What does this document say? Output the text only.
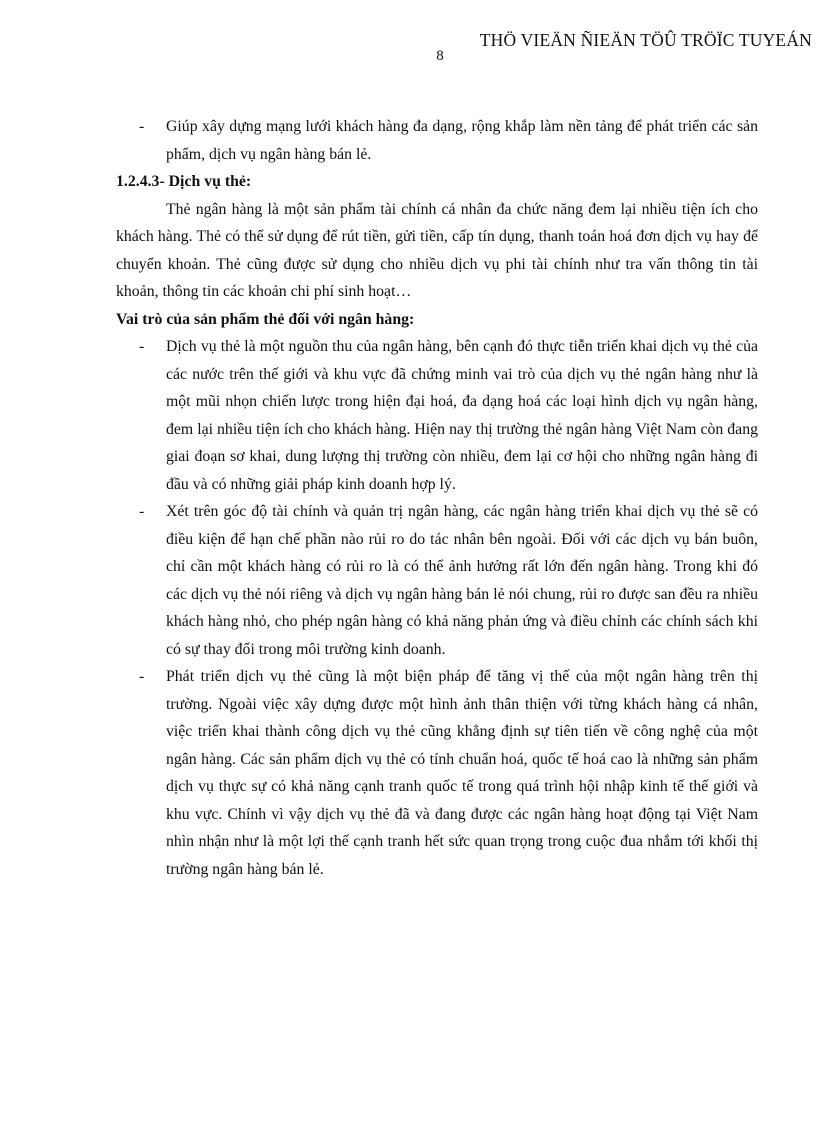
THÖ VIEÄN ÑIEÄN TÖÛ TRÖÏC TUYEÁN
8

- Giúp xây dựng mạng lưới khách hàng đa dạng, rộng khắp làm nền tảng để phát triển các sản phẩm, dịch vụ ngân hàng bán lẻ.

1.2.4.3- Dịch vụ thẻ:

Thẻ ngân hàng là một sản phẩm tài chính cá nhân đa chức năng đem lại nhiều tiện ích cho khách hàng. Thẻ có thể sử dụng để rút tiền, gửi tiền, cấp tín dụng, thanh toán hoá đơn dịch vụ hay để chuyển khoản. Thẻ cũng được sử dụng cho nhiều dịch vụ phi tài chính như tra vấn thông tin tài khoản, thông tin các khoản chi phí sinh hoạt…

Vai trò của sản phẩm thẻ đối với ngân hàng:

- Dịch vụ thẻ là một nguồn thu của ngân hàng, bên cạnh đó thực tiễn triển khai dịch vụ thẻ của các nước trên thế giới và khu vực đã chứng minh vai trò của dịch vụ thẻ ngân hàng như là một mũi nhọn chiến lược trong hiện đại hoá, đa dạng hoá các loại hình dịch vụ ngân hàng, đem lại nhiều tiện ích cho khách hàng. Hiện nay thị trường thẻ ngân hàng Việt Nam còn đang giai đoạn sơ khai, dung lượng thị trường còn nhiều, đem lại cơ hội cho những ngân hàng đi đầu và có những giải pháp kinh doanh hợp lý.

- Xét trên góc độ tài chính và quản trị ngân hàng, các ngân hàng triển khai dịch vụ thẻ sẽ có điều kiện để hạn chế phần nào rủi ro do tác nhân bên ngoài. Đối với các dịch vụ bán buôn, chỉ cần một khách hàng có rủi ro là có thể ảnh hưởng rất lớn đến ngân hàng. Trong khi đó các dịch vụ thẻ nói riêng và dịch vụ ngân hàng bán lẻ nói chung, rủi ro được san đều ra nhiều khách hàng nhỏ, cho phép ngân hàng có khả năng phản ứng và điều chỉnh các chính sách khi có sự thay đổi trong môi trường kinh doanh.

- Phát triển dịch vụ thẻ cũng là một biện pháp để tăng vị thế của một ngân hàng trên thị trường. Ngoài việc xây dựng được một hình ảnh thân thiện với từng khách hàng cá nhân, việc triển khai thành công dịch vụ thẻ cũng khẳng định sự tiên tiến về công nghệ của một ngân hàng. Các sản phẩm dịch vụ thẻ có tính chuẩn hoá, quốc tế hoá cao là những sản phẩm dịch vụ thực sự có khả năng cạnh tranh quốc tế trong quá trình hội nhập kinh tế thế giới và khu vực. Chính vì vậy dịch vụ thẻ đã và đang được các ngân hàng hoạt động tại Việt Nam nhìn nhận như là một lợi thế cạnh tranh hết sức quan trọng trong cuộc đua nhắm tới khối thị trường ngân hàng bán lẻ.
